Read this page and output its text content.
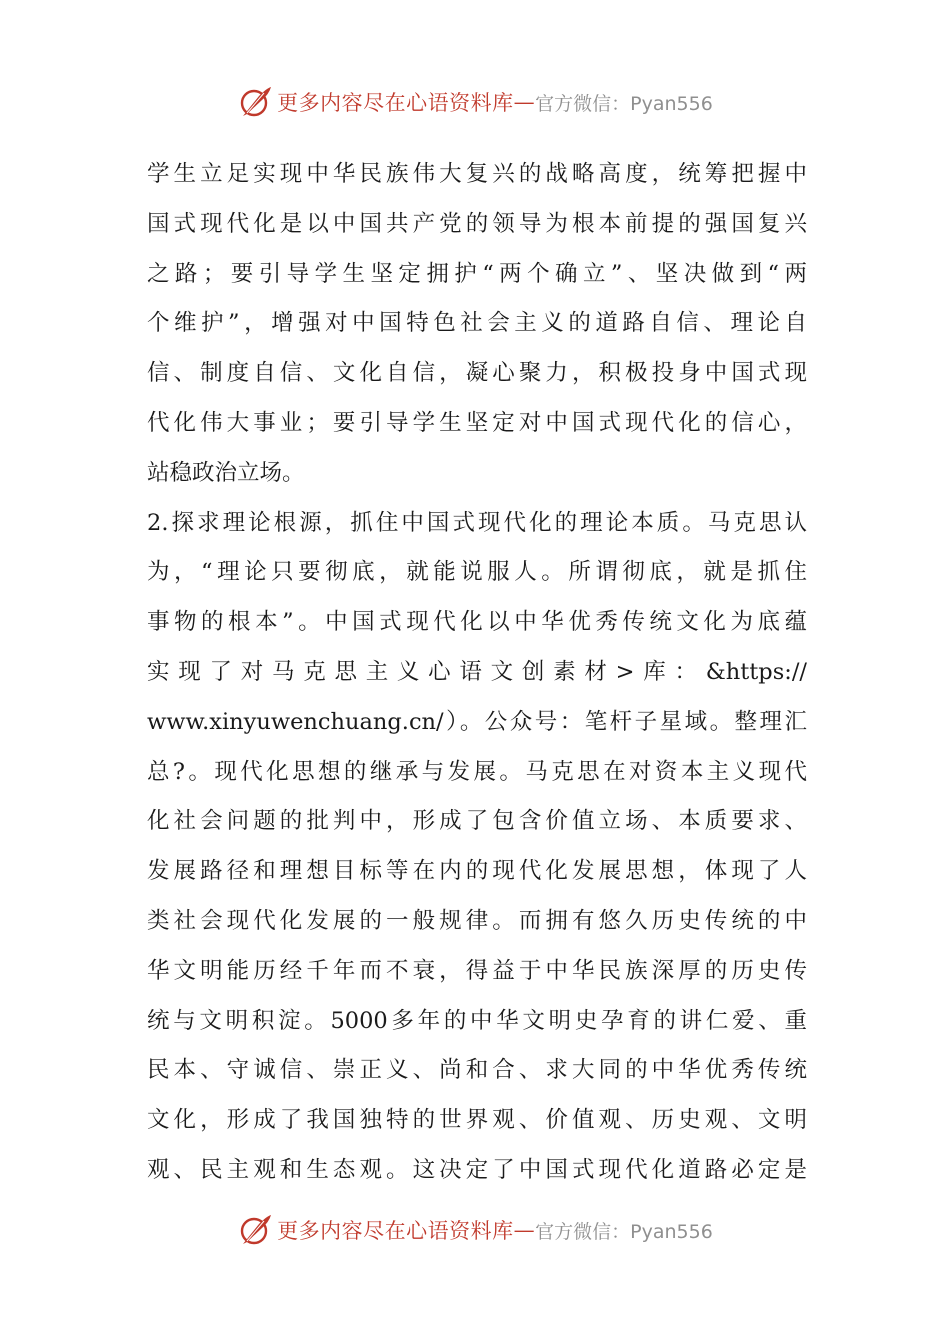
更多内容尽在心语资料库 — 官方微信：Pyan556
学生立足实现中华民族伟大复兴的战略高度，统筹把握中
国式现代化是以中国共产党的领导为根本前提的强国复兴
之路；要引导学生坚定拥护“两个确立”、坚决做到“两
个维护”，增强对中国特色社会主义的道路自信、理论自
信、制度自信、文化自信，凝心聚力，积极投身中国式现
代化伟大事业；要引导学生坚定对中国式现代化的信心，
站稳政治立场。
2.探求理论根源，抓住中国式现代化的理论本质。马克思认
为，“理论只要彻底，就能说服人。所谓彻底，就是抓住
事物的根本”。中国式现代化以中华优秀传统文化为底蕴
实现了对马克思主义心语文创素材>库：&https://
www.xinyuwenchuang.cn/）。公众号：笔杆子星域。整理汇
总?。现代化思想的继承与发展。马克思在对资本主义现代
化社会问题的批判中，形成了包含价值立场、本质要求、
发展路径和理想目标等在内的现代化发展思想，体现了人
类社会现代化发展的一般规律。而拥有悠久历史传统的中
华文明能历经千年而不衰，得益于中华民族深厚的历史传
统与文明积淀。5000多年的中华文明史孕育的讲仁爱、重
民本、守诚信、崇正义、尚和合、求大同的中华优秀传统
文化，形成了我国独特的世界观、价值观、历史观、文明
观、民主观和生态观。这决定了中国式现代化道路必定是
更多内容尽在心语资料库 — 官方微信：Pyan556
